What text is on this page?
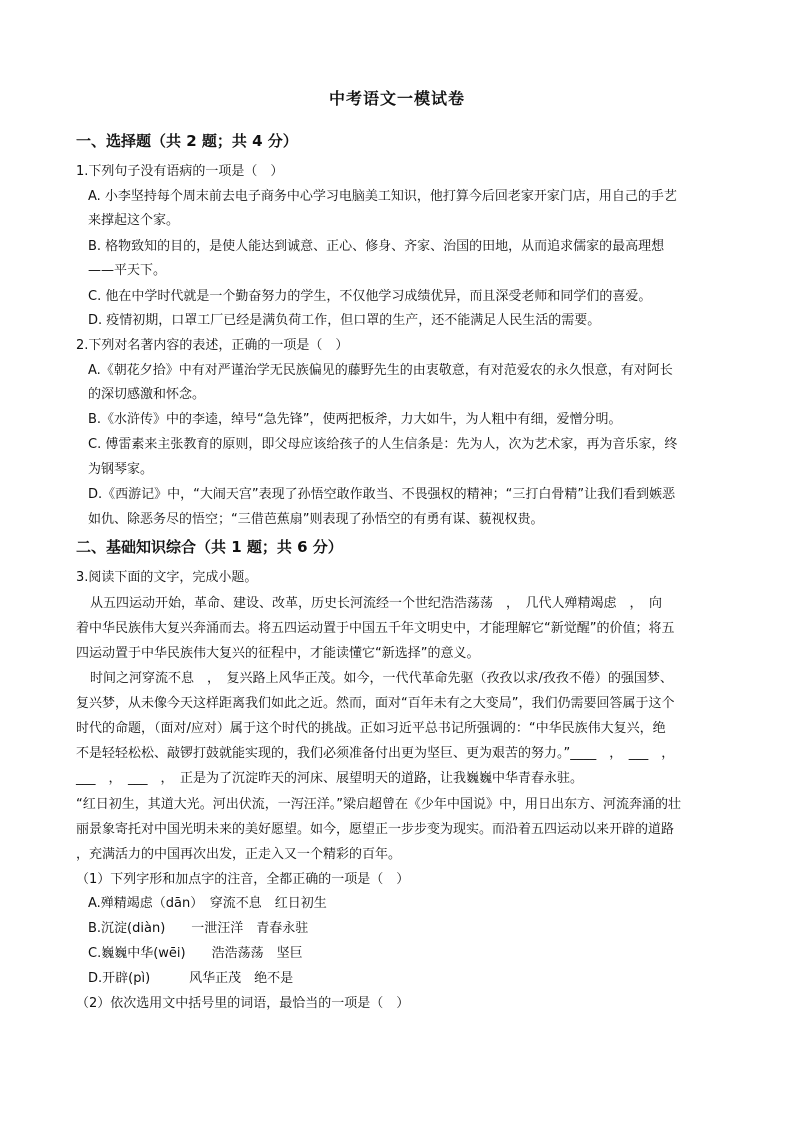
中考语文一模试卷
一、选择题（共 2 题；共 4 分）
1.下列句子没有语病的一项是（　）
A. 小李坚持每个周末前去电子商务中心学习电脑美工知识，他打算今后回老家开家门店，用自己的手艺
来撑起这个家。
B. 格物致知的目的，是使人能达到诚意、正心、修身、齐家、治国的田地，从而追求儒家的最高理想
——平天下。
C. 他在中学时代就是一个勤奋努力的学生，不仅他学习成绩优异，而且深受老师和同学们的喜爱。
D. 疫情初期，口罩工厂已经是满负荷工作，但口罩的生产，还不能满足人民生活的需要。
2.下列对名著内容的表述，正确的一项是（　）
A.《朝花夕拾》中有对严谨治学无民族偏见的藤野先生的由衷敬意，有对范爱农的永久恨意，有对阿长
的深切感激和怀念。
B.《水浒传》中的李逵，绰号“急先锋”，使两把板斧，力大如牛，为人粗中有细，爱憎分明。
C. 傅雷素来主张教育的原则，即父母应该给孩子的人生信条是：先为人，次为艺术家，再为音乐家，终
为钢琴家。
D.《西游记》中，“大闹天宫”表现了孙悟空敢作敢当、不畏强权的精神；“三打白骨精”让我们看到嫉恶
如仇、除恶务尽的悟空；“三借芭蕉扇”则表现了孙悟空的有勇有谋、藐视权贵。
二、基础知识综合（共 1 题；共 6 分）
3.阅读下面的文字，完成小题。
从五四运动开始，革命、建设、改革，历史长河流经一个世纪浩浩荡荡　，　几代人殚精竭虑　，　向
着中华民族伟大复兴奔涌而去。将五四运动置于中国五千年文明史中，才能理解它“新觉醒”的价值；将五
四运动置于中华民族伟大复兴的征程中，才能读懂它“新选择”的意义。
时间之河穿流不息　，　复兴路上风华正茂。如今，一代代革命先驱（孜孜以求/孜孜不倦）的强国梦、
复兴梦，从未像今天这样距离我们如此之近。然而，面对“百年未有之大变局”，我们仍需要回答属于这个
时代的命题，（面对/应对）属于这个时代的挑战。正如习近平总书记所强调的：“中华民族伟大复兴，绝
不是轻轻松松、敲锣打鼓就能实现的，我们必须准备付出更为坚巨、更为艰苦的努力。”____　，　___　，
___　，　___　，　正是为了沉淀昨天的河床、展望明天的道路，让我巍巍中华青春永驻。
“红日初生，其道大光。河出伏流，一泻汪洋。”梁启超曾在《少年中国说》中，用日出东方、河流奔涌的壮
丽景象寄托对中国光明未来的美好愿望。如今，愿望正一步步变为现实。而沿着五四运动以来开辟的道路
，充满活力的中国再次出发，正走入又一个精彩的百年。
（1）下列字形和加点字的注音，全都正确的一项是（　）
A.殚精竭虑（dān）　穿流不息　红日初生
B.沉淀(diàn)　　一泄汪洋　青春永驻
C.巍巍中华(wēi)　　浩浩荡荡　坚巨
D.开辟(pì)　　　风华正茂　绝不是
（2）依次选用文中括号里的词语，最恰当的一项是（　）
